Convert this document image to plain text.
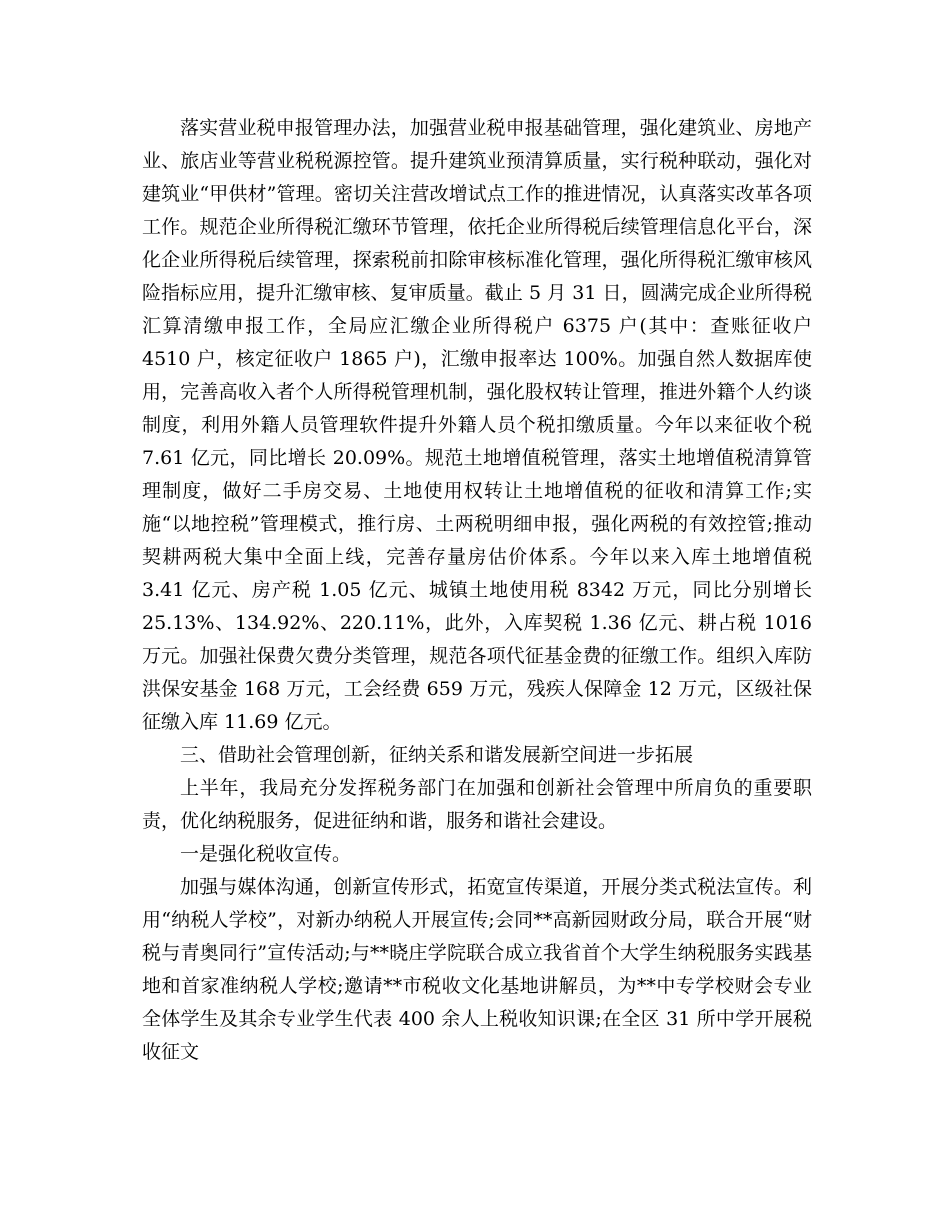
落实营业税申报管理办法，加强营业税申报基础管理，强化建筑业、房地产业、旅店业等营业税税源控管。提升建筑业预清算质量，实行税种联动，强化对建筑业“甲供材”管理。密切关注营改增试点工作的推进情况，认真落实改革各项工作。规范企业所得税汇缴环节管理，依托企业所得税后续管理信息化平台，深化企业所得税后续管理，探索税前扣除审核标准化管理，强化所得税汇缴审核风险指标应用，提升汇缴审核、复审质量。截止 5 月 31 日，圆满完成企业所得税汇算清缴申报工作，全局应汇缴企业所得税户 6375 户(其中：查账征收户 4510 户，核定征收户 1865 户)，汇缴申报率达 100%。加强自然人数据库使用，完善高收入者个人所得税管理机制，强化股权转让管理，推进外籍个人约谈制度，利用外籍人员管理软件提升外籍人员个税扣缴质量。今年以来征收个税 7.61 亿元，同比增长 20.09%。规范土地增值税管理，落实土地增值税清算管理制度，做好二手房交易、土地使用权转让土地增值税的征收和清算工作;实施“以地控税”管理模式，推行房、土两税明细申报，强化两税的有效控管;推动契耕两税大集中全面上线，完善存量房估价体系。今年以来入库土地增值税 3.41 亿元、房产税 1.05 亿元、城镇土地使用税 8342 万元，同比分别增长 25.13%、134.92%、220.11%，此外，入库契税 1.36 亿元、耕占税 1016 万元。加强社保费欠费分类管理，规范各项代征基金费的征缴工作。组织入库防洪保安基金 168 万元，工会经费 659 万元，残疾人保障金 12 万元，区级社保征缴入库 11.69 亿元。

三、借助社会管理创新，征纳关系和谐发展新空间进一步拓展

上半年，我局充分发挥税务部门在加强和创新社会管理中所肩负的重要职责，优化纳税服务，促进征纳和谐，服务和谐社会建设。

一是强化税收宣传。

加强与媒体沟通，创新宣传形式，拓宽宣传渠道，开展分类式税法宣传。利用“纳税人学校”，对新办纳税人开展宣传;会同**高新园财政分局，联合开展“财税与青奥同行”宣传活动;与**晓庄学院联合成立我省首个大学生纳税服务实践基地和首家准纳税人学校;邀请**市税收文化基地讲解员，为**中专学校财会专业全体学生及其余专业学生代表 400 余人上税收知识课;在全区 31 所中学开展税收征文
